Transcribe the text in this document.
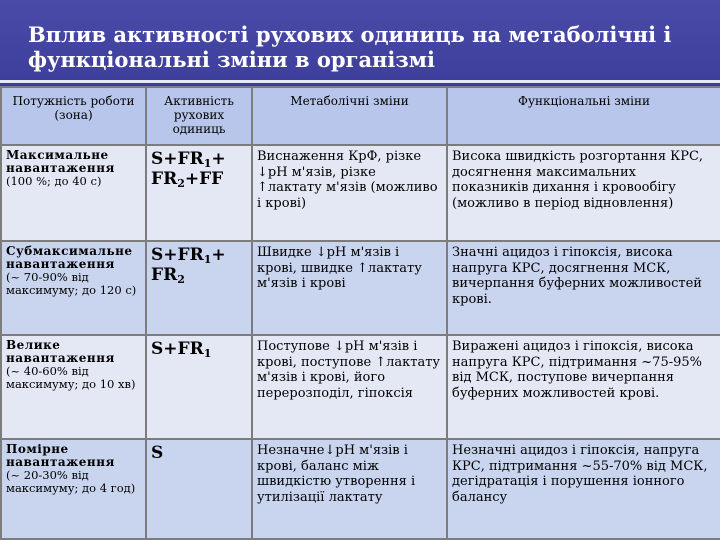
Вплив активності рухових одиниць на метаболічні і функціональні зміни в організмі
Потужність роботи (зона)	Активність рухових одиниць	Метаболічні зміни	Функціональні зміни

Максимальне навантаження
(100 %; до 40 с)	$S+FR_1+ FR_2+FF$	Виснаження КрФ, різке ↓pH м'язів, різке ↑лактату м'язів (можливо і крові)	Висока швидкість розгортання КРС, досягнення максимальних показників дихання і кровообігу (можливо в період відновлення)

Субмаксимальне навантаження
(~ 70-90% від максимуму; до 120 с)	$S+FR_1+ FR_2$	Швидке ↓pH м'язів і крові, швидке ↑лактату м'язів і крові	Значні ацидоз і гіпоксія, висока напруга КРС, досягнення МСК, вичерпання буферних можливостей крові.

Велике навантаження
(~ 40-60% від максимуму; до 10 хв)	$S+FR_1$	Поступове ↓pH м'язів і крові, поступове ↑лактату м'язів і крові, його перерозподіл, гіпоксія	Виражені ацидоз і гіпоксія, висока напруга КРС, підтримання ~75-95% від МСК, поступове вичерпання буферних можливостей крові.

Помірне навантаження
(~ 20-30% від максимуму; до 4 год)	S	Незначне↓pH м'язів і крові, баланс між швидкістю утворення і утилізації лактату	Незначні ацидоз і гіпоксія, напруга КРС, підтримання ~55-70% від МСК, дегідратація і порушення іонного балансу
